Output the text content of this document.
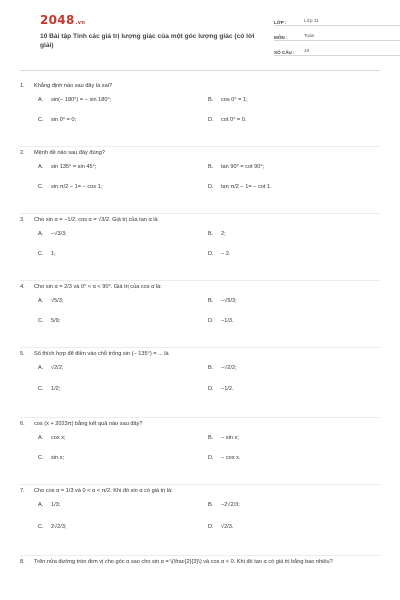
2048.vn
10 Bài tập Tính các giá trị lượng giác của một góc lượng giác (có lời giải)
LỚP :	Lớp 11
MÔN :	Toán
SỐ CÂU :	10
1.	Khẳng định nào sau đây là sai?
A.	sin(− 180°) = − sin 180°;	B.	cos 0° = 1;
C.	sin 0° = 0;	D.	cot 0° = 0.
2.	Mệnh đề nào sau đây đúng?
A.	sin 135° = sin 45°;	B.	tan 90° = cot 90°;
C.	sin π/2 − 1= − cos 1;	D.	tan π/2 − 1= − cot 1.
3.	Cho sin α = −1/2, cos α = √3/2. Giá trị của tan α là
A.	−√3/3;	B.	2;
C.	1;	D.	− 2.
4.	Cho sin α = 2/3 và 0° < α < 90°. Giá trị của cos α là:
A.	√5/3;	B.	−√5/3;
C.	5/9;	D.	−1/3.
5.	Số thích hợp để điền vào chỗ trống sin (− 135°) = ... là
A.	√2/2;	B.	−√2/2;
C.	1/2;	D.	−1/2.
6.	cos (x + 2023π) bằng kết quả nào sau đây?
A.	cos x;	B.	− sin x;
C.	sin x;	D.	− cos x.
7.	Cho cos α = 1/3 và 0 < α < π/2. Khi đó sin α có giá trị là:
A.	1/3;	B.	−2√2/3;
C.	2√2/3;	D.	√2/3.
8.	Trên nửa đường tròn đơn vị cho góc α sao cho sin α = \(\frac{2}{3}\) và cos α < 0. Khi đó tan α có giá trị bằng bao nhiêu?
